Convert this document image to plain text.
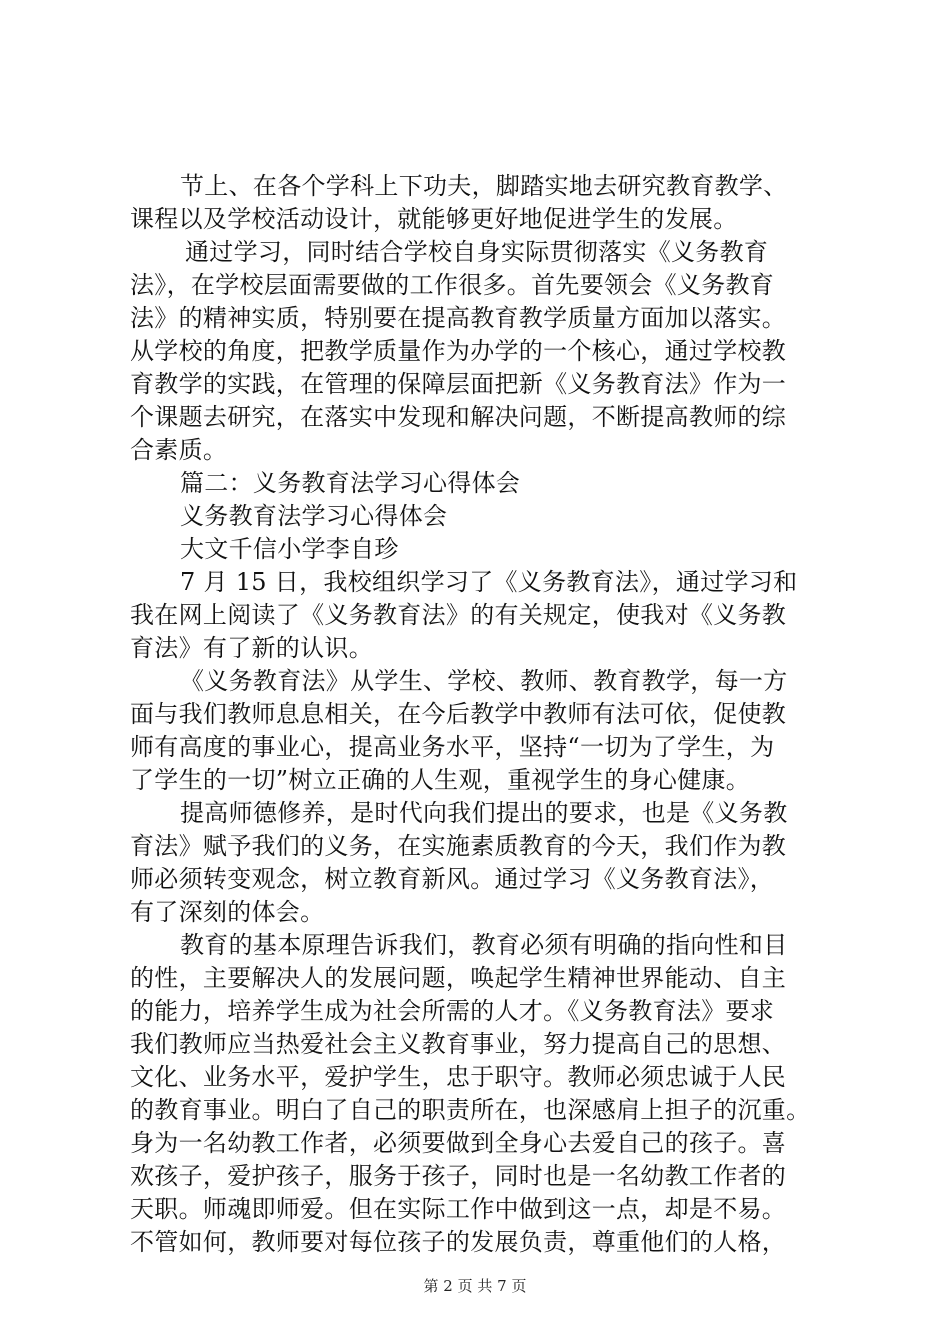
节上、在各个学科上下功夫，脚踏实地去研究教育教学、
课程以及学校活动设计，就能够更好地促进学生的发展。
通过学习，同时结合学校自身实际贯彻落实《义务教育
法》，在学校层面需要做的工作很多。首先要领会《义务教育
法》的精神实质，特别要在提高教育教学质量方面加以落实。
从学校的角度，把教学质量作为办学的一个核心，通过学校教
育教学的实践，在管理的保障层面把新《义务教育法》作为一
个课题去研究，在落实中发现和解决问题，不断提高教师的综
合素质。
篇二：义务教育法学习心得体会
义务教育法学习心得体会
大文千信小学李自珍
7 月 15 日，我校组织学习了《义务教育法》，通过学习和
我在网上阅读了《义务教育法》的有关规定，使我对《义务教
育法》有了新的认识。
《义务教育法》从学生、学校、教师、教育教学，每一方
面与我们教师息息相关，在今后教学中教师有法可依，促使教
师有高度的事业心，提高业务水平，坚持“一切为了学生，为
了学生的一切”树立正确的人生观，重视学生的身心健康。
提高师德修养，是时代向我们提出的要求，也是《义务教
育法》赋予我们的义务，在实施素质教育的今天，我们作为教
师必须转变观念，树立教育新风。通过学习《义务教育法》，
有了深刻的体会。
教育的基本原理告诉我们，教育必须有明确的指向性和目
的性，主要解决人的发展问题，唤起学生精神世界能动、自主
的能力，培养学生成为社会所需的人才。《义务教育法》要求
我们教师应当热爱社会主义教育事业，努力提高自己的思想、
文化、业务水平，爱护学生，忠于职守。教师必须忠诚于人民
的教育事业。明白了自己的职责所在，也深感肩上担子的沉重。
身为一名幼教工作者，必须要做到全身心去爱自己的孩子。喜
欢孩子，爱护孩子，服务于孩子，同时也是一名幼教工作者的
天职。师魂即师爱。但在实际工作中做到这一点，却是不易。
不管如何，教师要对每位孩子的发展负责，尊重他们的人格，
第 2 页 共 7 页
